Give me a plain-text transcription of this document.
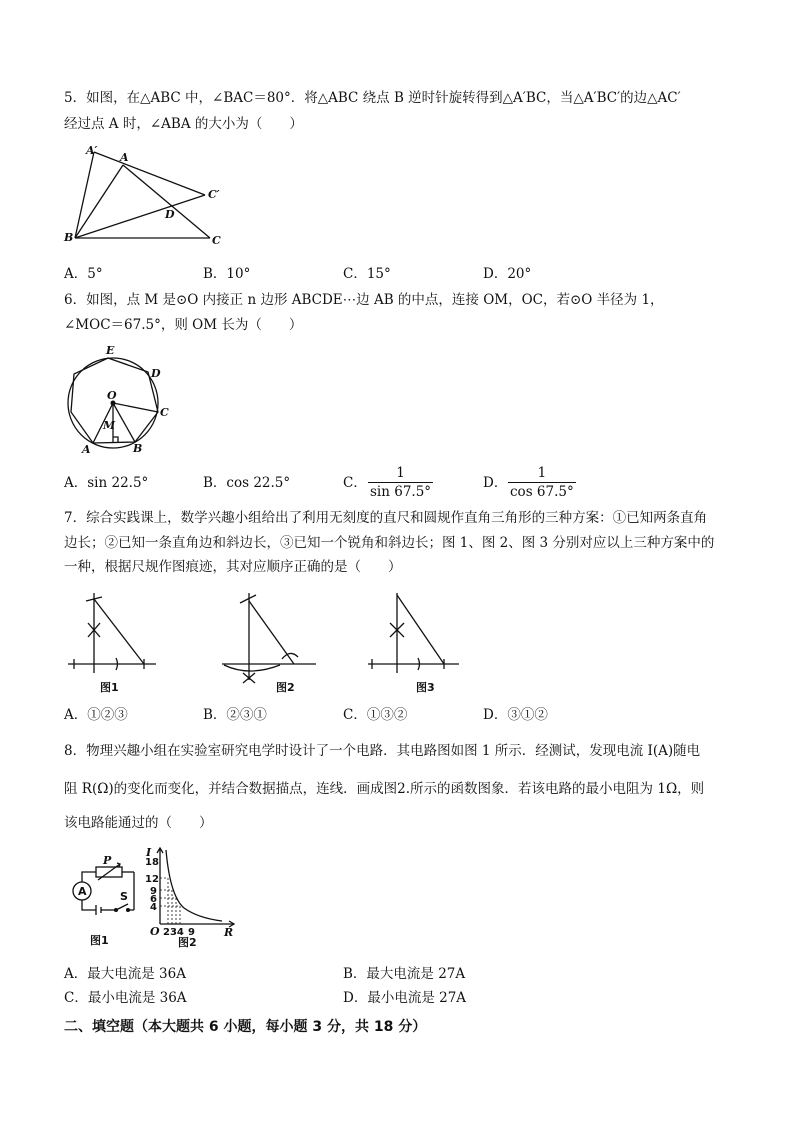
5．如图，在△ABC 中，∠BAC＝80°．将△ABC 绕点 B 逆时针旋转得到△A′BC，当△A′BC′的边△AC′
经过点 A 时，∠ABA 的大小为（　　）
A′
A
C′
D
B	C
A．5°	B．10°	C．15°	D．20°
6．如图，点 M 是⊙O 内接正 n 边形 ABCDE⋯边 AB 的中点，连接 OM，OC，若⊙O 半径为 1，
∠MOC＝67.5°，则 OM 长为（　　）
E
D
O
C
M
A	B
A．sin 22.5°	B．cos 22.5°	C． $\frac{1}{\sin 67.5^\circ}$	D． $\frac{1}{\cos 67.5^\circ}$
7．综合实践课上，数学兴趣小组给出了利用无刻度的直尺和圆规作直角三角形的三种方案：①已知两条直角
边长；②已知一条直角边和斜边长，③已知一个锐角和斜边长；图 1、图 2、图 3 分别对应以上三种方案中的
一种，根据尺规作图痕迹，其对应顺序正确的是（　　）
图1	图2	图3
A．①②③	B．②③①	C．①③②	D．③①②
8．物理兴趣小组在实验室研究电学时设计了一个电路．其电路图如图 1 所示．经测试，发现电流 I(A)随电
阻 R(Ω)的变化而变化，并结合数据描点，连线．画成图2.所示的函数图象．若该电路的最小电阻为 1Ω，则
该电路能通过的（　　）
P
A	S
图1
I
18
12
9
6
4
O 234 9	R
图2
A．最大电流是 36A	B．最大电流是 27A
C．最小电流是 36A	D．最小电流是 27A
二、填空题（本大题共 6 小题，每小题 3 分，共 18 分）
